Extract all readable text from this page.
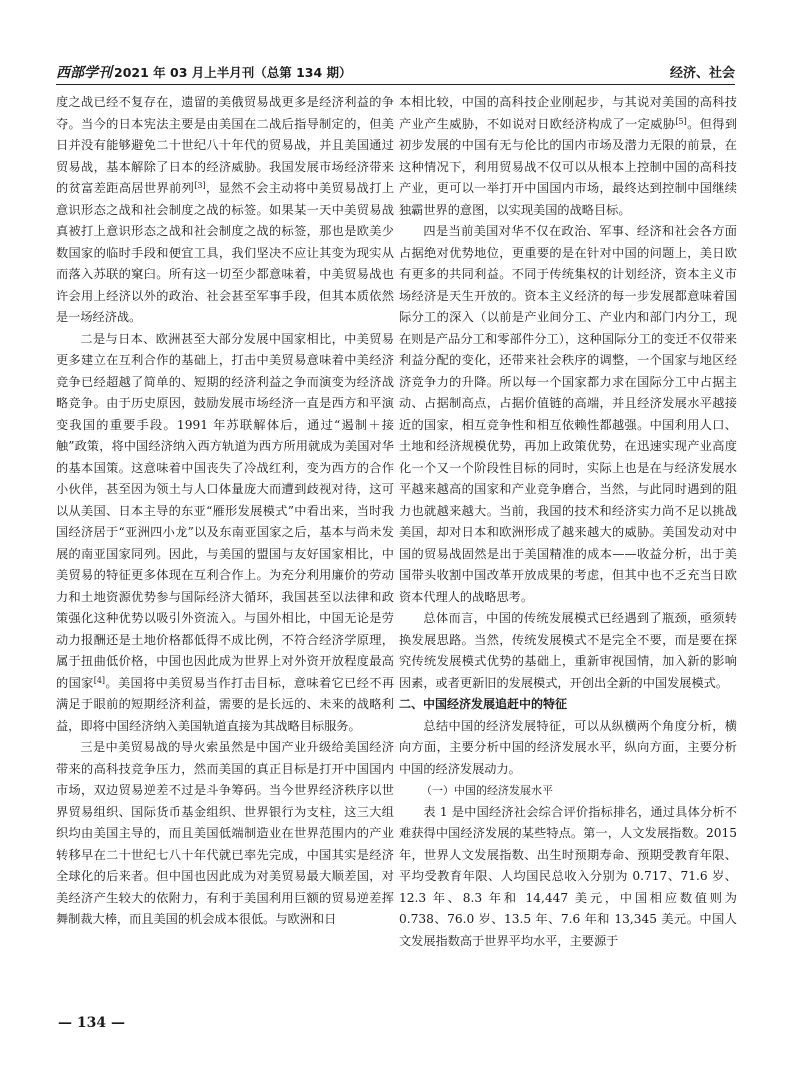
西部学刊 2021 年 03 月上半月刊（总第 134 期）	经济、社会

度之战已经不复存在，遗留的美俄贸易战更多是经济利益的争夺。当今的日本宪法主要是由美国在二战后指导制定的，但美日并没有能够避免二十世纪八十年代的贸易战，并且美国通过贸易战，基本解除了日本的经济威胁。我国发展市场经济带来的贫富差距高居世界前列[3]，显然不会主动将中美贸易战打上意识形态之战和社会制度之战的标签。如果某一天中美贸易战真被打上意识形态之战和社会制度之战的标签，那也是欧美少数国家的临时手段和便宜工具，我们坚决不应让其变为现实从而落入苏联的窠臼。所有这一切至少都意味着，中美贸易战也许会用上经济以外的政治、社会甚至军事手段，但其本质依然是一场经济战。

二是与日本、欧洲甚至大部分发展中国家相比，中美贸易更多建立在互利合作的基础上，打击中美贸易意味着中美经济竞争已经超越了简单的、短期的经济利益之争而演变为经济战略竞争。由于历史原因，鼓励发展市场经济一直是西方和平演变我国的重要手段。1991 年苏联解体后，通过“遏制＋接触”政策，将中国经济纳入西方轨道为西方所用就成为美国对华的基本国策。这意味着中国丧失了冷战红利，变为西方的合作小伙伴，甚至因为领土与人口体量庞大而遭到歧视对待，这可以从美国、日本主导的东亚“雁形发展模式”中看出来，当时我国经济居于“亚洲四小龙”以及东南亚国家之后，基本与尚未发展的南亚国家同列。因此，与美国的盟国与友好国家相比，中美贸易的特征更多体现在互利合作上。为充分利用廉价的劳动力和土地资源优势参与国际经济大循环，我国甚至以法律和政策强化这种优势以吸引外资流入。与国外相比，中国无论是劳动力报酬还是土地价格都低得不成比例，不符合经济学原理，属于扭曲低价格，中国也因此成为世界上对外资开放程度最高的国家[4]。美国将中美贸易当作打击目标，意味着它已经不再满足于眼前的短期经济利益，需要的是长远的、未来的战略利益，即将中国经济纳入美国轨道直接为其战略目标服务。

三是中美贸易战的导火索虽然是中国产业升级给美国经济带来的高科技竞争压力，然而美国的真正目标是打开中国国内市场，双边贸易逆差不过是斗争筹码。当今世界经济秩序以世界贸易组织、国际货币基金组织、世界银行为支柱，这三大组织均由美国主导的，而且美国低端制造业在世界范围内的产业转移早在二十世纪七八十年代就已率先完成，中国其实是经济全球化的后来者。但中国也因此成为对美贸易最大顺差国，对美经济产生较大的依附力，有利于美国利用巨额的贸易逆差挥舞制裁大棒，而且美国的机会成本很低。与欧洲和日

本相比较，中国的高科技企业刚起步，与其说对美国的高科技产业产生威胁，不如说对日欧经济构成了一定威胁[5]。但得到初步发展的中国有无与伦比的国内市场及潜力无限的前景，在这种情况下，利用贸易战不仅可以从根本上控制中国的高科技产业，更可以一举打开中国国内市场，最终达到控制中国继续独霸世界的意图，以实现美国的战略目标。

四是当前美国对华不仅在政治、军事、经济和社会各方面占据绝对优势地位，更重要的是在针对中国的问题上，美日欧有更多的共同利益。不同于传统集权的计划经济，资本主义市场经济是天生开放的。资本主义经济的每一步发展都意味着国际分工的深入（以前是产业间分工、产业内和部门内分工，现在则是产品分工和零部件分工），这种国际分工的变迁不仅带来利益分配的变化，还带来社会秩序的调整，一个国家与地区经济竞争力的升降。所以每一个国家都力求在国际分工中占据主动、占据制高点，占据价值链的高端，并且经济发展水平越接近的国家，相互竞争性和相互依赖性都越强。中国利用人口、土地和经济规模优势，再加上政策优势，在迅速实现产业高度化一个又一个阶段性目标的同时，实际上也是在与经济发展水平越来越高的国家和产业竞争磨合，当然，与此同时遇到的阻力也就越来越大。当前，我国的技术和经济实力尚不足以挑战美国，却对日本和欧洲形成了越来越大的威胁。美国发动对中国的贸易战固然是出于美国精准的成本——收益分析，出于美国带头收割中国改革开放成果的考虑，但其中也不乏充当日欧资本代理人的战略思考。

总体而言，中国的传统发展模式已经遇到了瓶颈，亟须转换发展思路。当然，传统发展模式不是完全不要，而是要在探究传统发展模式优势的基础上，重新审视国情，加入新的影响因素，或者更新旧的发展模式，开创出全新的中国发展模式。

二、中国经济发展追赶中的特征

总结中国的经济发展特征，可以从纵横两个角度分析，横向方面，主要分析中国的经济发展水平，纵向方面，主要分析中国的经济发展动力。

（一）中国的经济发展水平

表 1 是中国经济社会综合评价指标排名，通过具体分析不难获得中国经济发展的某些特点。第一，人文发展指数。2015 年，世界人文发展指数、出生时预期寿命、预期受教育年限、平均受教育年限、人均国民总收入分别为 0.717、71.6 岁、12.3 年、8.3 年和 14,447 美元，中国相应数值则为 0.738、76.0 岁、13.5 年、7.6 年和 13,345 美元。中国人文发展指数高于世界平均水平，主要源于

— 134 —
